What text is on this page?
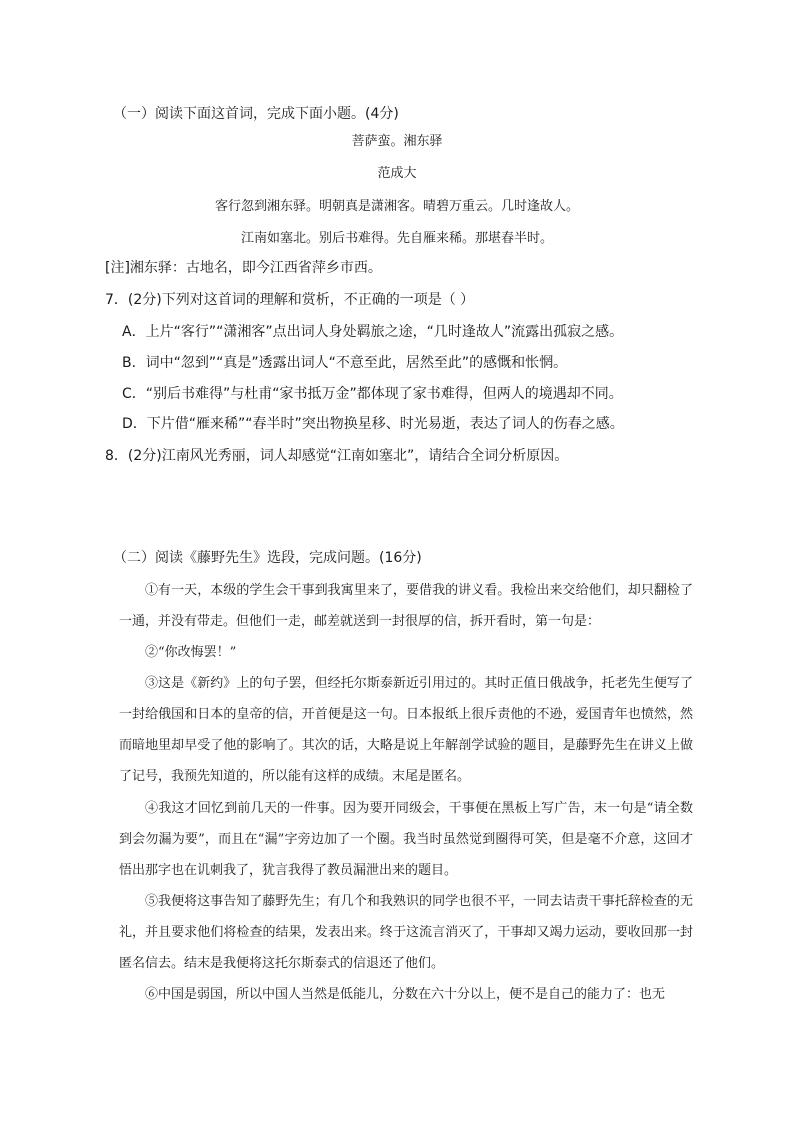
（一）阅读下面这首词，完成下面小题。(4分)
菩萨蛮。湘东驿
范成大
客行忽到湘东驿。明朝真是潇湘客。晴碧万重云。几时逢故人。
江南如塞北。别后书难得。先自雁来稀。那堪春半时。
[注]湘东驿：古地名，即今江西省萍乡市西。
7．(2分)下列对这首词的理解和赏析，不正确的一项是（ ）
A．上片“客行”“潇湘客”点出词人身处羁旅之途，“几时逢故人”流露出孤寂之感。
B．词中“忽到”“真是”透露出词人“不意至此，居然至此”的感慨和怅惘。
C．“别后书难得”与杜甫“家书抵万金”都体现了家书难得，但两人的境遇却不同。
D．下片借“雁来稀”“春半时”突出物换星移、时光易逝，表达了词人的伤春之感。
8．(2分)江南风光秀丽，词人却感觉“江南如塞北”，请结合全词分析原因。
（二）阅读《藤野先生》选段，完成问题。(16分)

①有一天，本级的学生会干事到我寓里来了，要借我的讲义看。我检出来交给他们，却只翻检了一通，并没有带走。但他们一走，邮差就送到一封很厚的信，拆开看时，第一句是：

②“你改悔罢！”

③这是《新约》上的句子罢，但经托尔斯泰新近引用过的。其时正值日俄战争，托老先生便写了一封给俄国和日本的皇帝的信，开首便是这一句。日本报纸上很斥责他的不逊，爱国青年也愤然，然而暗地里却早受了他的影响了。其次的话，大略是说上年解剖学试验的题目，是藤野先生在讲义上做了记号，我预先知道的，所以能有这样的成绩。末尾是匿名。

④我这才回忆到前几天的一件事。因为要开同级会，干事便在黑板上写广告，末一句是“请全数到会勿漏为要”，而且在“漏”字旁边加了一个圈。我当时虽然觉到圈得可笑，但是毫不介意，这回才悟出那字也在讥刺我了，犹言我得了教员漏泄出来的题目。

⑤我便将这事告知了藤野先生；有几个和我熟识的同学也很不平，一同去诘责干事托辞检查的无礼，并且要求他们将检查的结果，发表出来。终于这流言消灭了，干事却又竭力运动，要收回那一封匿名信去。结末是我便将这托尔斯泰式的信退还了他们。

⑥中国是弱国，所以中国人当然是低能儿，分数在六十分以上，便不是自己的能力了：也无
